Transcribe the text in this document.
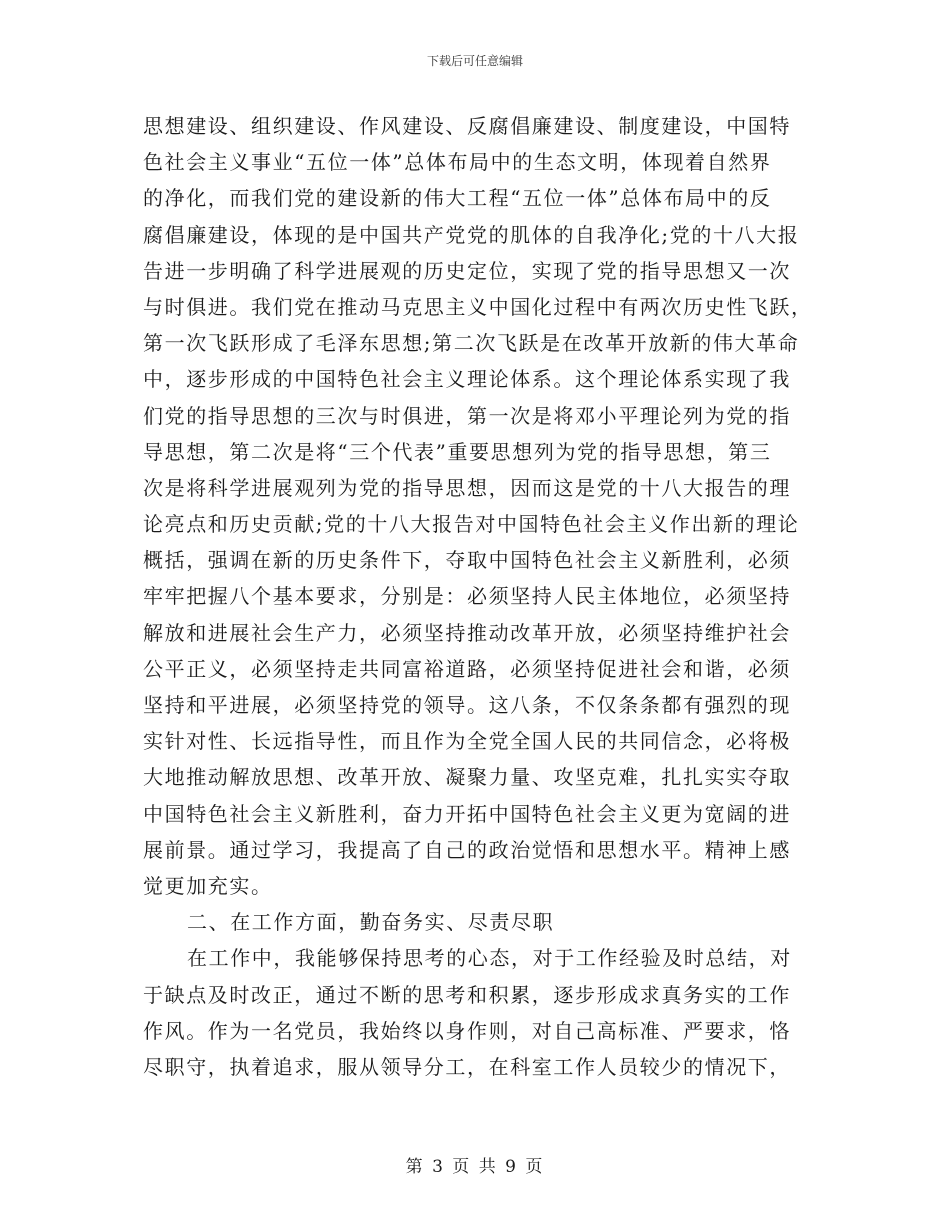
下载后可任意编辑
思想建设、组织建设、作风建设、反腐倡廉建设、制度建设，中国特
色社会主义事业“五位一体”总体布局中的生态文明，体现着自然界
的净化，而我们党的建设新的伟大工程“五位一体”总体布局中的反
腐倡廉建设，体现的是中国共产党党的肌体的自我净化;党的十八大报
告进一步明确了科学进展观的历史定位，实现了党的指导思想又一次
与时俱进。我们党在推动马克思主义中国化过程中有两次历史性飞跃，
第一次飞跃形成了毛泽东思想;第二次飞跃是在改革开放新的伟大革命
中，逐步形成的中国特色社会主义理论体系。这个理论体系实现了我
们党的指导思想的三次与时俱进，第一次是将邓小平理论列为党的指
导思想，第二次是将“三个代表”重要思想列为党的指导思想，第三
次是将科学进展观列为党的指导思想，因而这是党的十八大报告的理
论亮点和历史贡献;党的十八大报告对中国特色社会主义作出新的理论
概括，强调在新的历史条件下，夺取中国特色社会主义新胜利，必须
牢牢把握八个基本要求，分别是：必须坚持人民主体地位，必须坚持
解放和进展社会生产力，必须坚持推动改革开放，必须坚持维护社会
公平正义，必须坚持走共同富裕道路，必须坚持促进社会和谐，必须
坚持和平进展，必须坚持党的领导。这八条，不仅条条都有强烈的现
实针对性、长远指导性，而且作为全党全国人民的共同信念，必将极
大地推动解放思想、改革开放、凝聚力量、攻坚克难，扎扎实实夺取
中国特色社会主义新胜利，奋力开拓中国特色社会主义更为宽阔的进
展前景。通过学习，我提高了自己的政治觉悟和思想水平。精神上感
觉更加充实。
二、在工作方面，勤奋务实、尽责尽职
在工作中，我能够保持思考的心态，对于工作经验及时总结，对
于缺点及时改正，通过不断的思考和积累，逐步形成求真务实的工作
作风。作为一名党员，我始终以身作则，对自己高标准、严要求，恪
尽职守，执着追求，服从领导分工，在科室工作人员较少的情况下，
第 3 页 共 9 页
